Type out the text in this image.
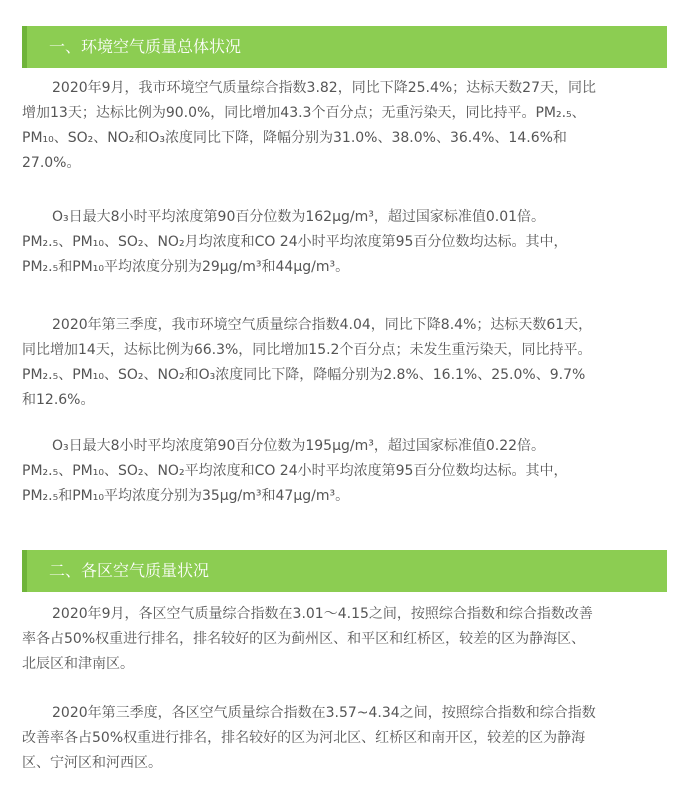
一、环境空气质量总体状况
2020年9月，我市环境空气质量综合指数3.82，同比下降25.4%；达标天数27天，同比
增加13天；达标比例为90.0%，同比增加43.3个百分点；无重污染天，同比持平。PM₂.₅、
PM₁₀、SO₂、NO₂和O₃浓度同比下降，降幅分别为31.0%、38.0%、36.4%、14.6%和
27.0%。
O₃日最大8小时平均浓度第90百分位数为162μg/m³，超过国家标准值0.01倍。
PM₂.₅、PM₁₀、SO₂、NO₂月均浓度和CO 24小时平均浓度第95百分位数均达标。其中，
PM₂.₅和PM₁₀平均浓度分别为29μg/m³和44μg/m³。
2020年第三季度，我市环境空气质量综合指数4.04，同比下降8.4%；达标天数61天，
同比增加14天，达标比例为66.3%，同比增加15.2个百分点；未发生重污染天，同比持平。
PM₂.₅、PM₁₀、SO₂、NO₂和O₃浓度同比下降，降幅分别为2.8%、16.1%、25.0%、9.7%
和12.6%。
O₃日最大8小时平均浓度第90百分位数为195μg/m³，超过国家标准值0.22倍。
PM₂.₅、PM₁₀、SO₂、NO₂平均浓度和CO 24小时平均浓度第95百分位数均达标。其中，
PM₂.₅和PM₁₀平均浓度分别为35μg/m³和47μg/m³。
二、各区空气质量状况
2020年9月，各区空气质量综合指数在3.01～4.15之间，按照综合指数和综合指数改善
率各占50%权重进行排名，排名较好的区为蓟州区、和平区和红桥区，较差的区为静海区、
北辰区和津南区。
2020年第三季度，各区空气质量综合指数在3.57~4.34之间，按照综合指数和综合指数
改善率各占50%权重进行排名，排名较好的区为河北区、红桥区和南开区，较差的区为静海
区、宁河区和河西区。
